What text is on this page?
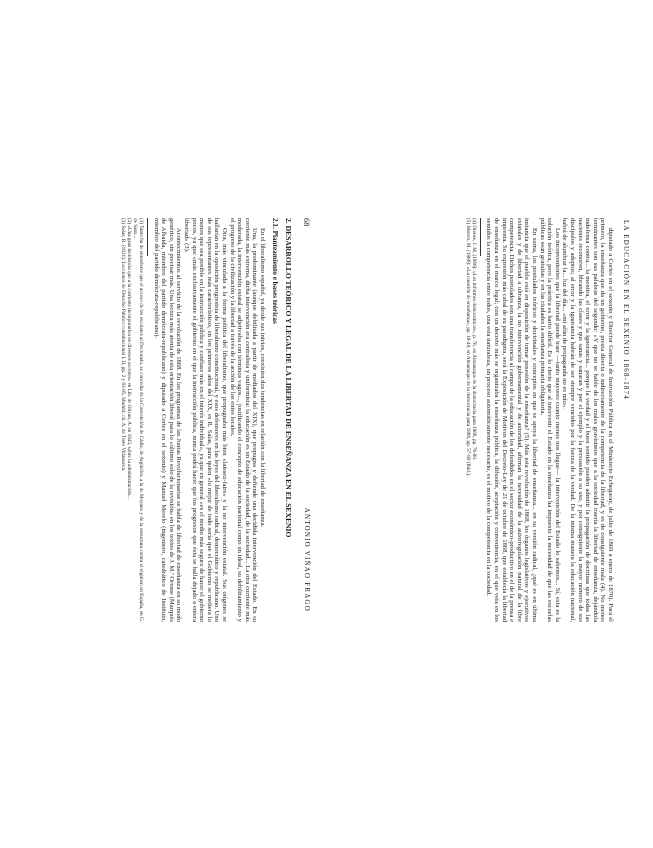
68
ANTONIO VIÑAO FRAGO
2. DESARROLLO TEÓRICO Y LEGAL DE LA LIBERTAD DE ENSEÑANZA EN EL SEXENIO
2.1. Planteamiento e bases teóricas

En el liberalismo español, ya desde sus inicios, coexisten dos tendencias en relación con la libertad de enseñanza.

Una, la predominante (aunque debilitada a partir de mediados del XIX), que propugna y defiende una decidida intervención del Estado. En su corriente más extrema, dicha intervención era centralista y uniformista: la educación es un Estado de la sociedad, de la sociedad... La otra corriente más moderada, la intervención estatal se adjetivaba con términos vagos..., justificando el concepto de educación nacional como un ideal, su debilitamiento y el progreso de la civilización y la libertad a través de la acción de los entes locales.

Otra, más vinculada a la forma política del liberalismo, que propugnaba más bien «laissez-faire» y la no intervención estatal. Sus orígenes se hallarían en la oposición progresista de liberalismo constitucional, y esos defensores en las leyes del liberalismo radical, democrático y republicano. Uno de sus representantes más característicos, en los primeros años del XIX, es R. Salas, para quien «lo mejor de todo sería que el Gobierno se metiera lo menos que sea posible en la instrucción pública y confiase más en el interés individual», ya que en general «es el medio más seguro de hacer el gobierno pocos, ya que «más exclusivamente el gobierno en el que la instrucción pública, nunca podrá hacer que los progresos que ésta se halla dejado a entera libertad» (3).

Acontecimientos al servicio de la revolución de 1868. En los programas de las Juntas Revolucionarias se habla de libertad de enseñanza en su modo genérico, sin precisar más. Una lectura más atenta de esta orientación liberal para lo «último solo de la revisión» en los textos de J. M.ª Orense (Marqués de Albaida, miembro del partido demócrata-republicano) y diputado a Cortes en el sexenio) y Manuel Merelo (ingeniero, catedrático de Instituto, miembro del partido demócrata-republicano).

(1) Tanto ha de entenderse que el acceso de los escolares al Doctorado, se concedía de la Convención de Cádiz, de Argüelles, a la de Moyano y de la estructura contra el régimen en España, en G. de Sanz...

(2) «Una gran incidencia que a la corriente incorporativa en diversos sectores» en Lib. de Olivan, A. en 1843, sobre la administración...

(3) Salas, R. (1821): Lecciones de Derecho Público constitucional I, II, pp. 2 y 83-85, Madrid; cit. A. de Torre Villanueva.	LA EDUCACIÓN EN EL SEXENIO 1868-1874

diputado a Cortes en el sexenio y Director General de Instrucción Pública en el Ministerio Echegaray, de julio de 1869 a enero de 1870). Para él primero, la enseñanza que da un gobierno, presta directa o indirectamente de la competencia de la libertad, y es de consiguiente mala (4). No menos terminantes son sus palabras del segundo: «Y que no se hable de los males gravísimos que a la sociedad traería la libertad de enseñanza, dejándola indefensa contra... la mentira, el error y la ignorancia... porque la verdad y el buen sentido pueden admitir la propagación de doctrinas que todas las naciones reconocen, librando las clases y que sanas y sanaran y por el ejemplo y la persuasión a su uso, y por consiguiente la mayor número de sus discípulos y adeptos; al error y la ignorancia habrán de ser siempre vencidos por la fuerza de la verdad. De la misma manera la educación nacional, habrá de alumbrar la... luz del día... «mi afán de propaganda no es mío».

Los inconvenientes que la libertad puede traer —tanto mayores cuanto menos nos llegue— la intervención del Estado lo sabemos... Sí, esta es la solución teórica, pero la práctica es harto difícil. Es lo cierto que al intervenir el Estado en la enseñanza ha impuesto la necesidad de que las escuelas públicas sean gratuitas y en las ciudades la enseñanza primaria obligatoria.

En suma, los postulados teóricos y doctrinales y conceptos en que se apoya la libertad de enseñanza... en su versión radical, ¿qué es en última instancia que el pueblo está en disposición de tomar posesión de la enseñanza? (5). Más esta revolución de 1868, los órganos legislativos y ejecutivos estatales y de libertad a ultranza, la no intervención gubernamental y de autoridad, afirman la necesidad de la autorregulación natural de la libre competencia. Dichos postulados son una transferencia al campo de la educación de los defendidos en el sector económico-productivo en el de la prensa e imprenta. Su expresión más cabal de su paradigma, será la Exposición de Motivos del Decreto-Ley de 21 de octubre de 1868, que establecía la libertad de enseñanza en el marco legal; con un decreto más se organizaba la enseñanza pública, la difusión, aceptación y conveniencia, en el que veía en los sentidos la competencia entre todos, una esta naturaleza, un proceso automáticamente necesario, es el motivo de la competencia en la sociedad.

(4) Orense, J. M. (1866): «Los informes democráticos», p. 76, en Almanaque de la democracia para 1866, pp. 76-80.

(5) Merelo, M. (1866): «La cuestión de enseñanza», pp. 18-40, en Almanaque de la democracia para 1866, pp. 57-80 (Ibid.).
